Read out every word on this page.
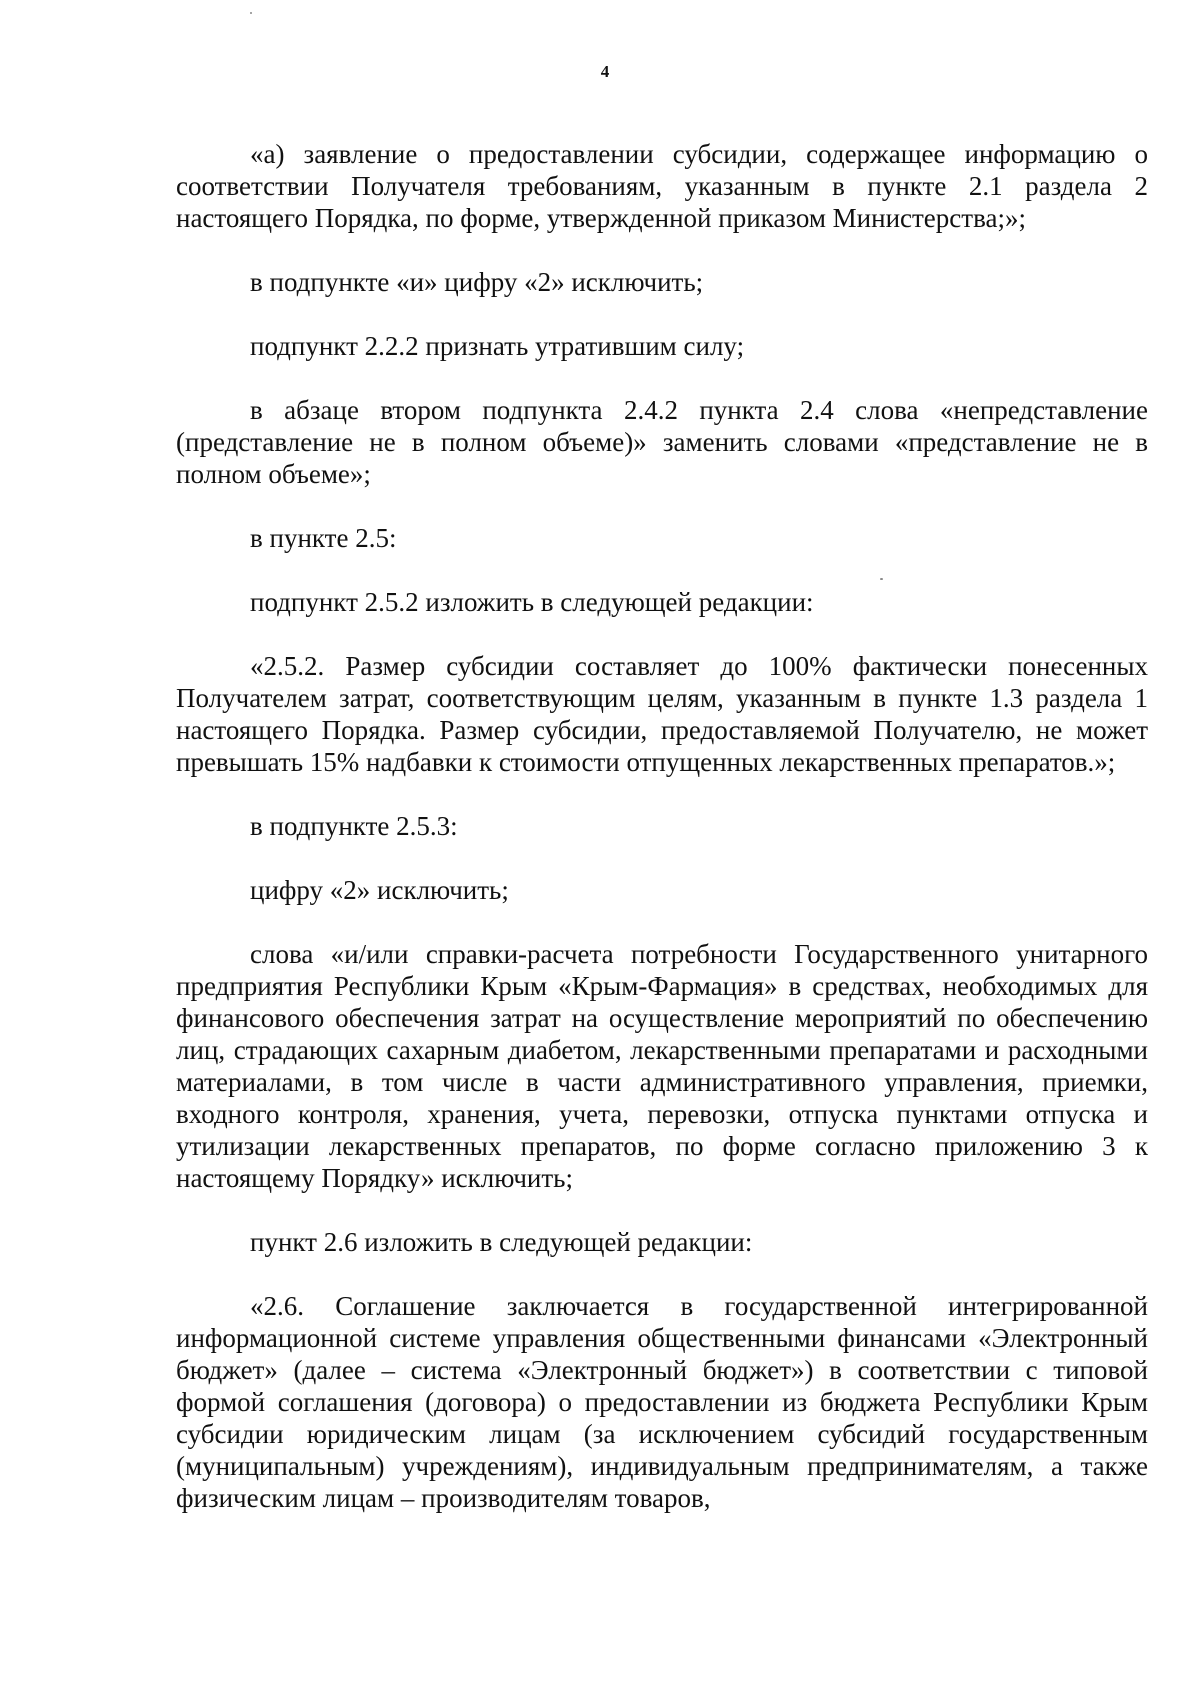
4

«а) заявление о предоставлении субсидии, содержащее информацию о соответствии Получателя требованиям, указанным в пункте 2.1 раздела 2 настоящего Порядка, по форме, утвержденной приказом Министерства;»;

в подпункте «и» цифру «2» исключить;

подпункт 2.2.2 признать утратившим силу;

в абзаце втором подпункта 2.4.2 пункта 2.4 слова «непредставление (представление не в полном объеме)» заменить словами «представление не в полном объеме»;

в пункте 2.5:

подпункт 2.5.2 изложить в следующей редакции:

«2.5.2. Размер субсидии составляет до 100% фактически понесенных Получателем затрат, соответствующим целям, указанным в пункте 1.3 раздела 1 настоящего Порядка. Размер субсидии, предоставляемой Получателю, не может превышать 15% надбавки к стоимости отпущенных лекарственных препаратов.»;

в подпункте 2.5.3:

цифру «2» исключить;

слова «и/или справки-расчета потребности Государственного унитарного предприятия Республики Крым «Крым-Фармация» в средствах, необходимых для финансового обеспечения затрат на осуществление мероприятий по обеспечению лиц, страдающих сахарным диабетом, лекарственными препаратами и расходными материалами, в том числе в части административного управления, приемки, входного контроля, хранения, учета, перевозки, отпуска пунктами отпуска и утилизации лекарственных препаратов, по форме согласно приложению 3 к настоящему Порядку» исключить;

пункт 2.6 изложить в следующей редакции:

«2.6. Соглашение заключается в государственной интегрированной информационной системе управления общественными финансами «Электронный бюджет» (далее – система «Электронный бюджет») в соответствии с типовой формой соглашения (договора) о предоставлении из бюджета Республики Крым субсидии юридическим лицам (за исключением субсидий государственным (муниципальным) учреждениям), индивидуальным предпринимателям, а также физическим лицам – производителям товаров,
